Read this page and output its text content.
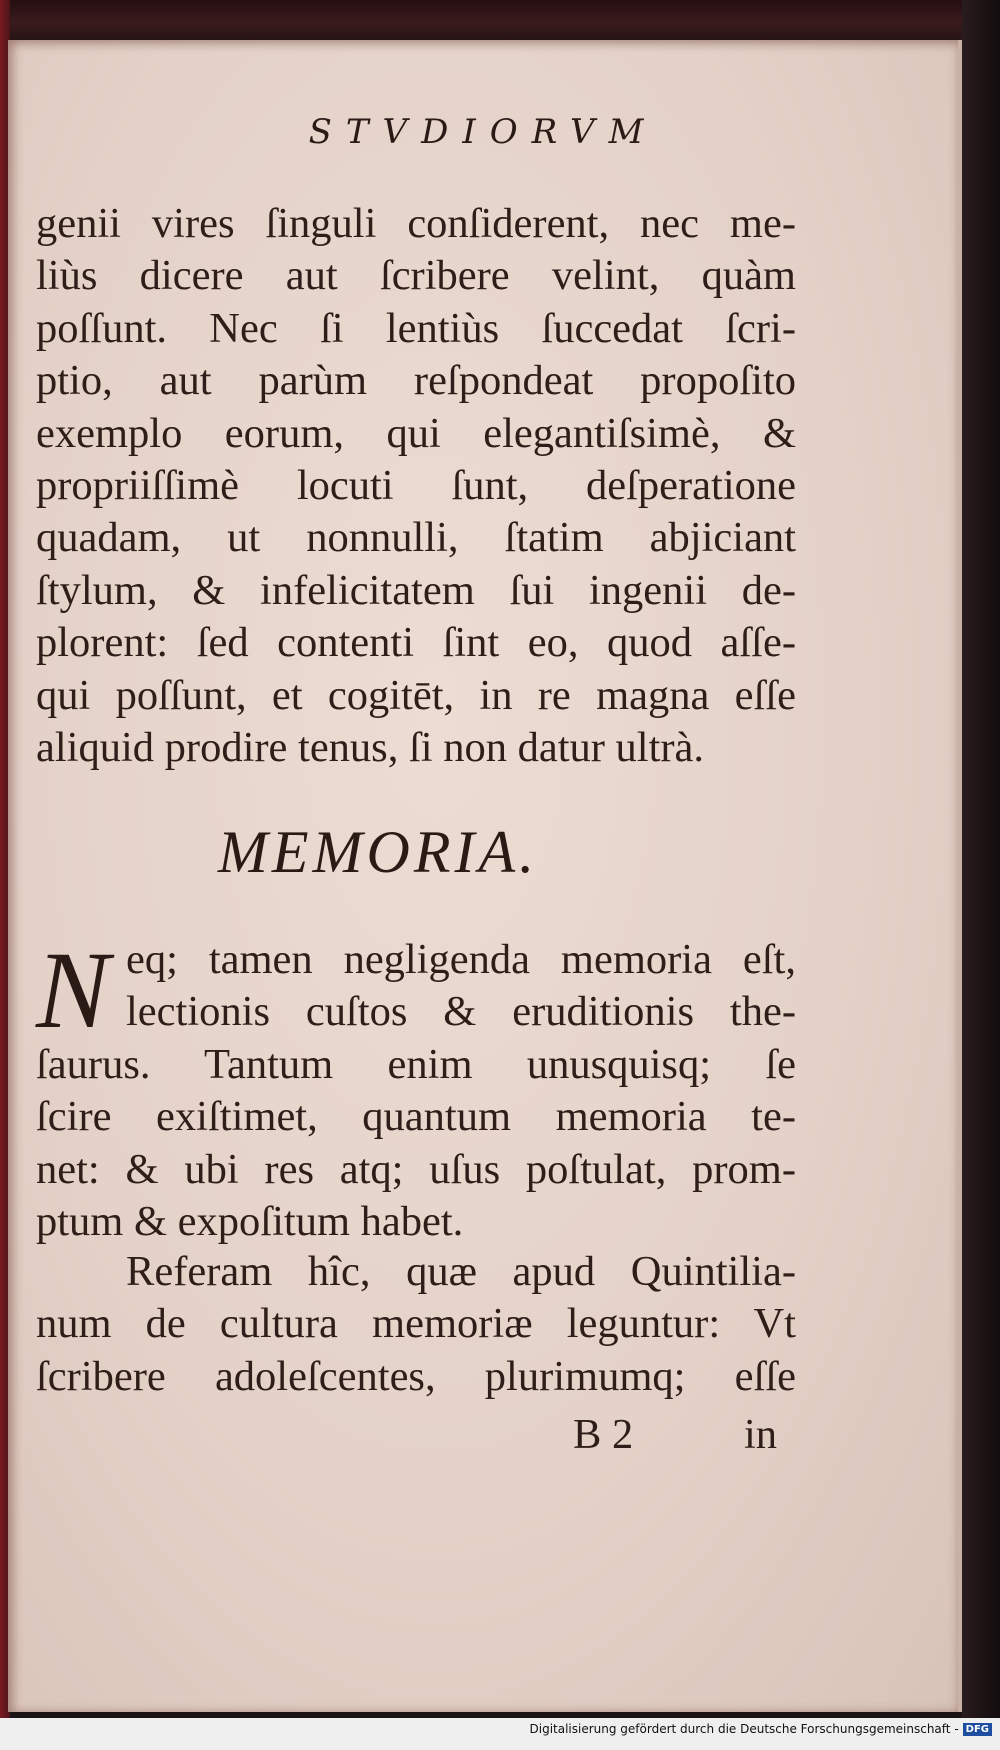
STVDIORVM
genii vires ſinguli conſiderent, nec me-
liùs dicere aut ſcribere velint, quàm
poſſunt. Nec ſi lentiùs ſuccedat ſcri-
ptio, aut parùm reſpondeat propoſito
exemplo eorum, qui elegantiſsimè, &
propriiſſimè locuti ſunt, deſperatione
quadam, ut nonnulli, ſtatim abjiciant
ſtylum, & infelicitatem ſui ingenii de-
plorent: ſed contenti ſint eo, quod aſſe-
qui poſſunt, et cogitēt, in re magna eſſe
aliquid prodire tenus, ſi non datur ultrà.
MEMORIA.
N eq; tamen negligenda memoria eſt,
lectionis cuſtos & eruditionis the-
ſaurus. Tantum enim unusquisq; ſe
ſcire exiſtimet, quantum memoria te-
net: & ubi res atq; uſus poſtulat, prom-
ptum & expoſitum habet.
Referam hîc, quæ apud Quintilia-
num de cultura memoriæ leguntur: Vt
ſcribere adoleſcentes, plurimumq; eſſe
B 2	in
Digitalisierung gefördert durch die Deutsche Forschungsgemeinschaft - DFG
